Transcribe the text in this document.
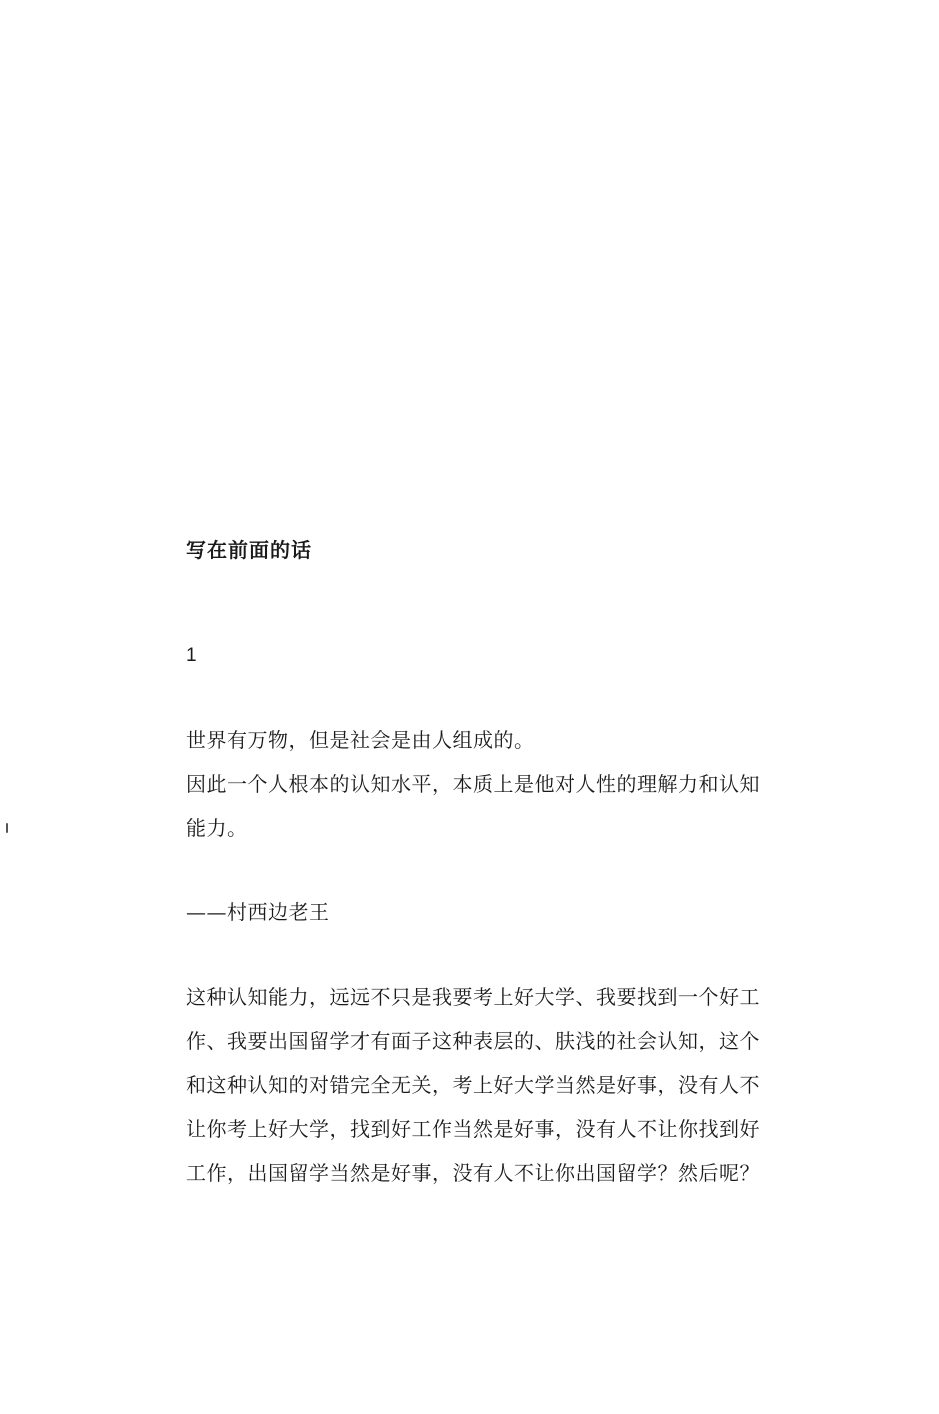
写在前面的话
1

世界有万物，但是社会是由人组成的。
因此一个人根本的认知水平，本质上是他对人性的理解力和认知
能力。

——村西边老王

这种认知能力，远远不只是我要考上好大学、我要找到一个好工
作、我要出国留学才有面子这种表层的、肤浅的社会认知，这个
和这种认知的对错完全无关，考上好大学当然是好事，没有人不
让你考上好大学，找到好工作当然是好事，没有人不让你找到好
工作，出国留学当然是好事，没有人不让你出国留学？然后呢？
